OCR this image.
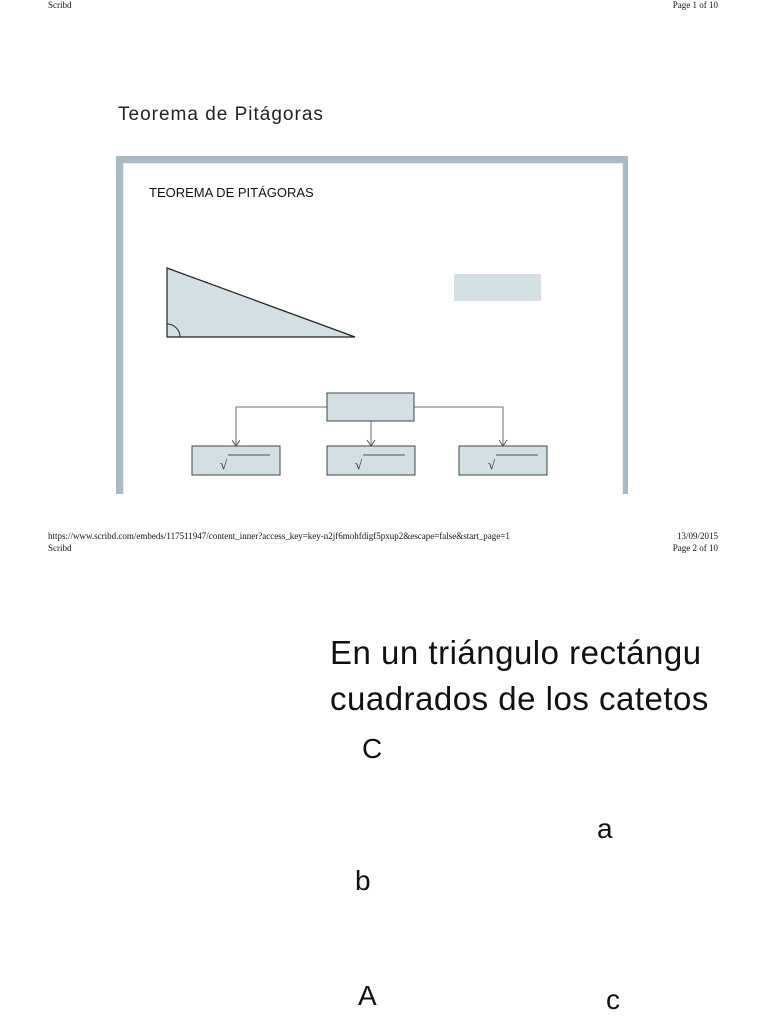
Scribd	Page 1 of 10
Teorema de Pitágoras
TEOREMA DE PITÁGORAS
√	√	√
https://www.scribd.com/embeds/117511947/content_inner?access_key=key-n2jf6mohfdigf5pxup2&escape=false&start_page=1	13/09/2015
Scribd	Page 2 of 10
En un triángulo rectángu
cuadrados de los catetos
C
a
b
A	c
